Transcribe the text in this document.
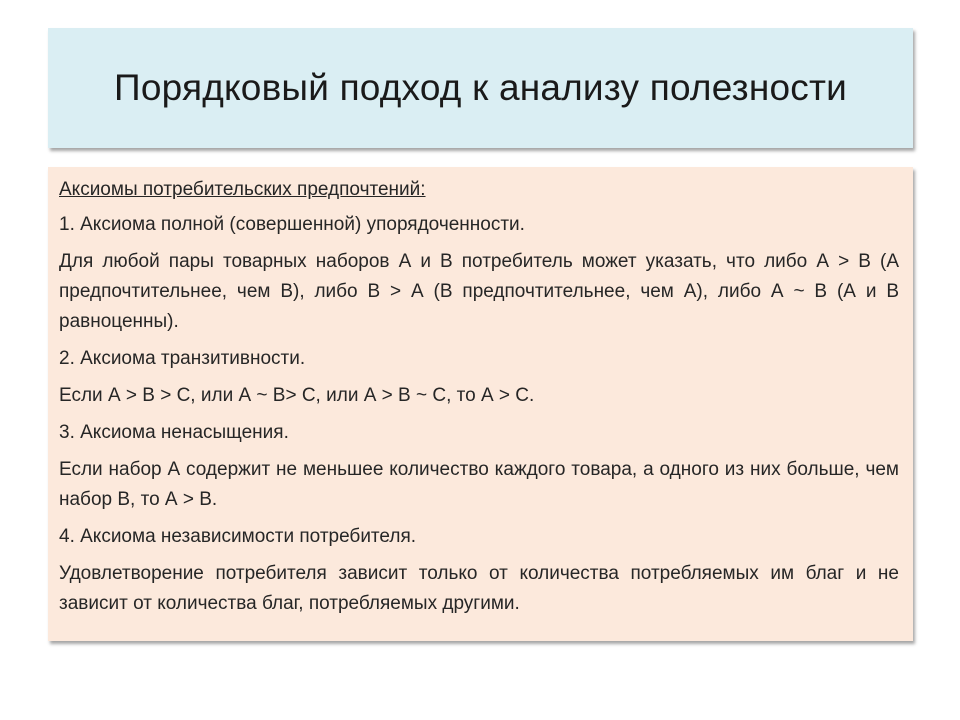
Порядковый подход к анализу полезности

Аксиомы потребительских предпочтений:

1. Аксиома полной (совершенной) упорядоченности.

Для любой пары товарных наборов А и В потребитель может указать, что либо А > В (А предпочтительнее, чем В), либо В > А (В предпочтительнее, чем А), либо А ~ В (А и В равноценны).

2. Аксиома транзитивности.

Если А > В > С, или А ~ В> С, или А > В ~ С, то А > С.

3. Аксиома ненасыщения.

Если набор А содержит не меньшее количество каждого товара, а одного из них больше, чем набор В, то А > В.

4. Аксиома независимости потребителя.

Удовлетворение потребителя зависит только от количества потребляемых им благ и не зависит от количества благ, потребляемых другими.
